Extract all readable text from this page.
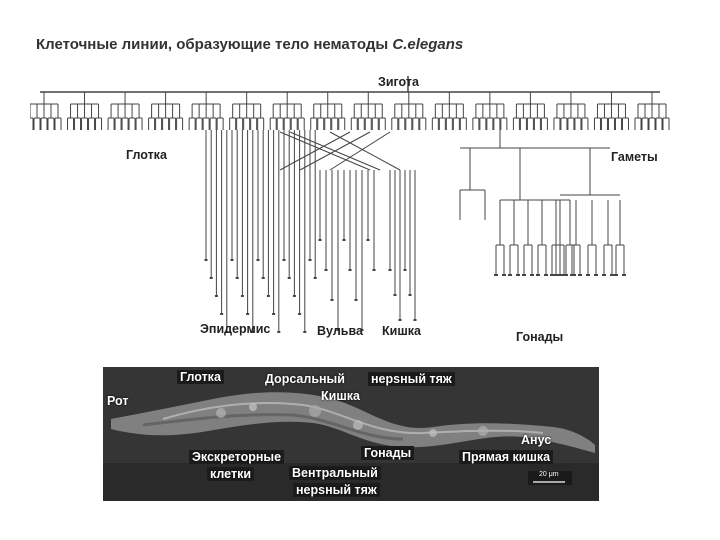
Клеточные линии, образующие тело нематоды C.elegans
Зигота
Глотка	Гаметы
Эпидермис	Вульва Кишка	Гонады
Рот
Глотка	Дорсальный нерsный тяж
Кишка
Экскреторные
клетки	Вентральный
нерsный тяж
Гонады
Анус
Прямая кишка
20 μm
